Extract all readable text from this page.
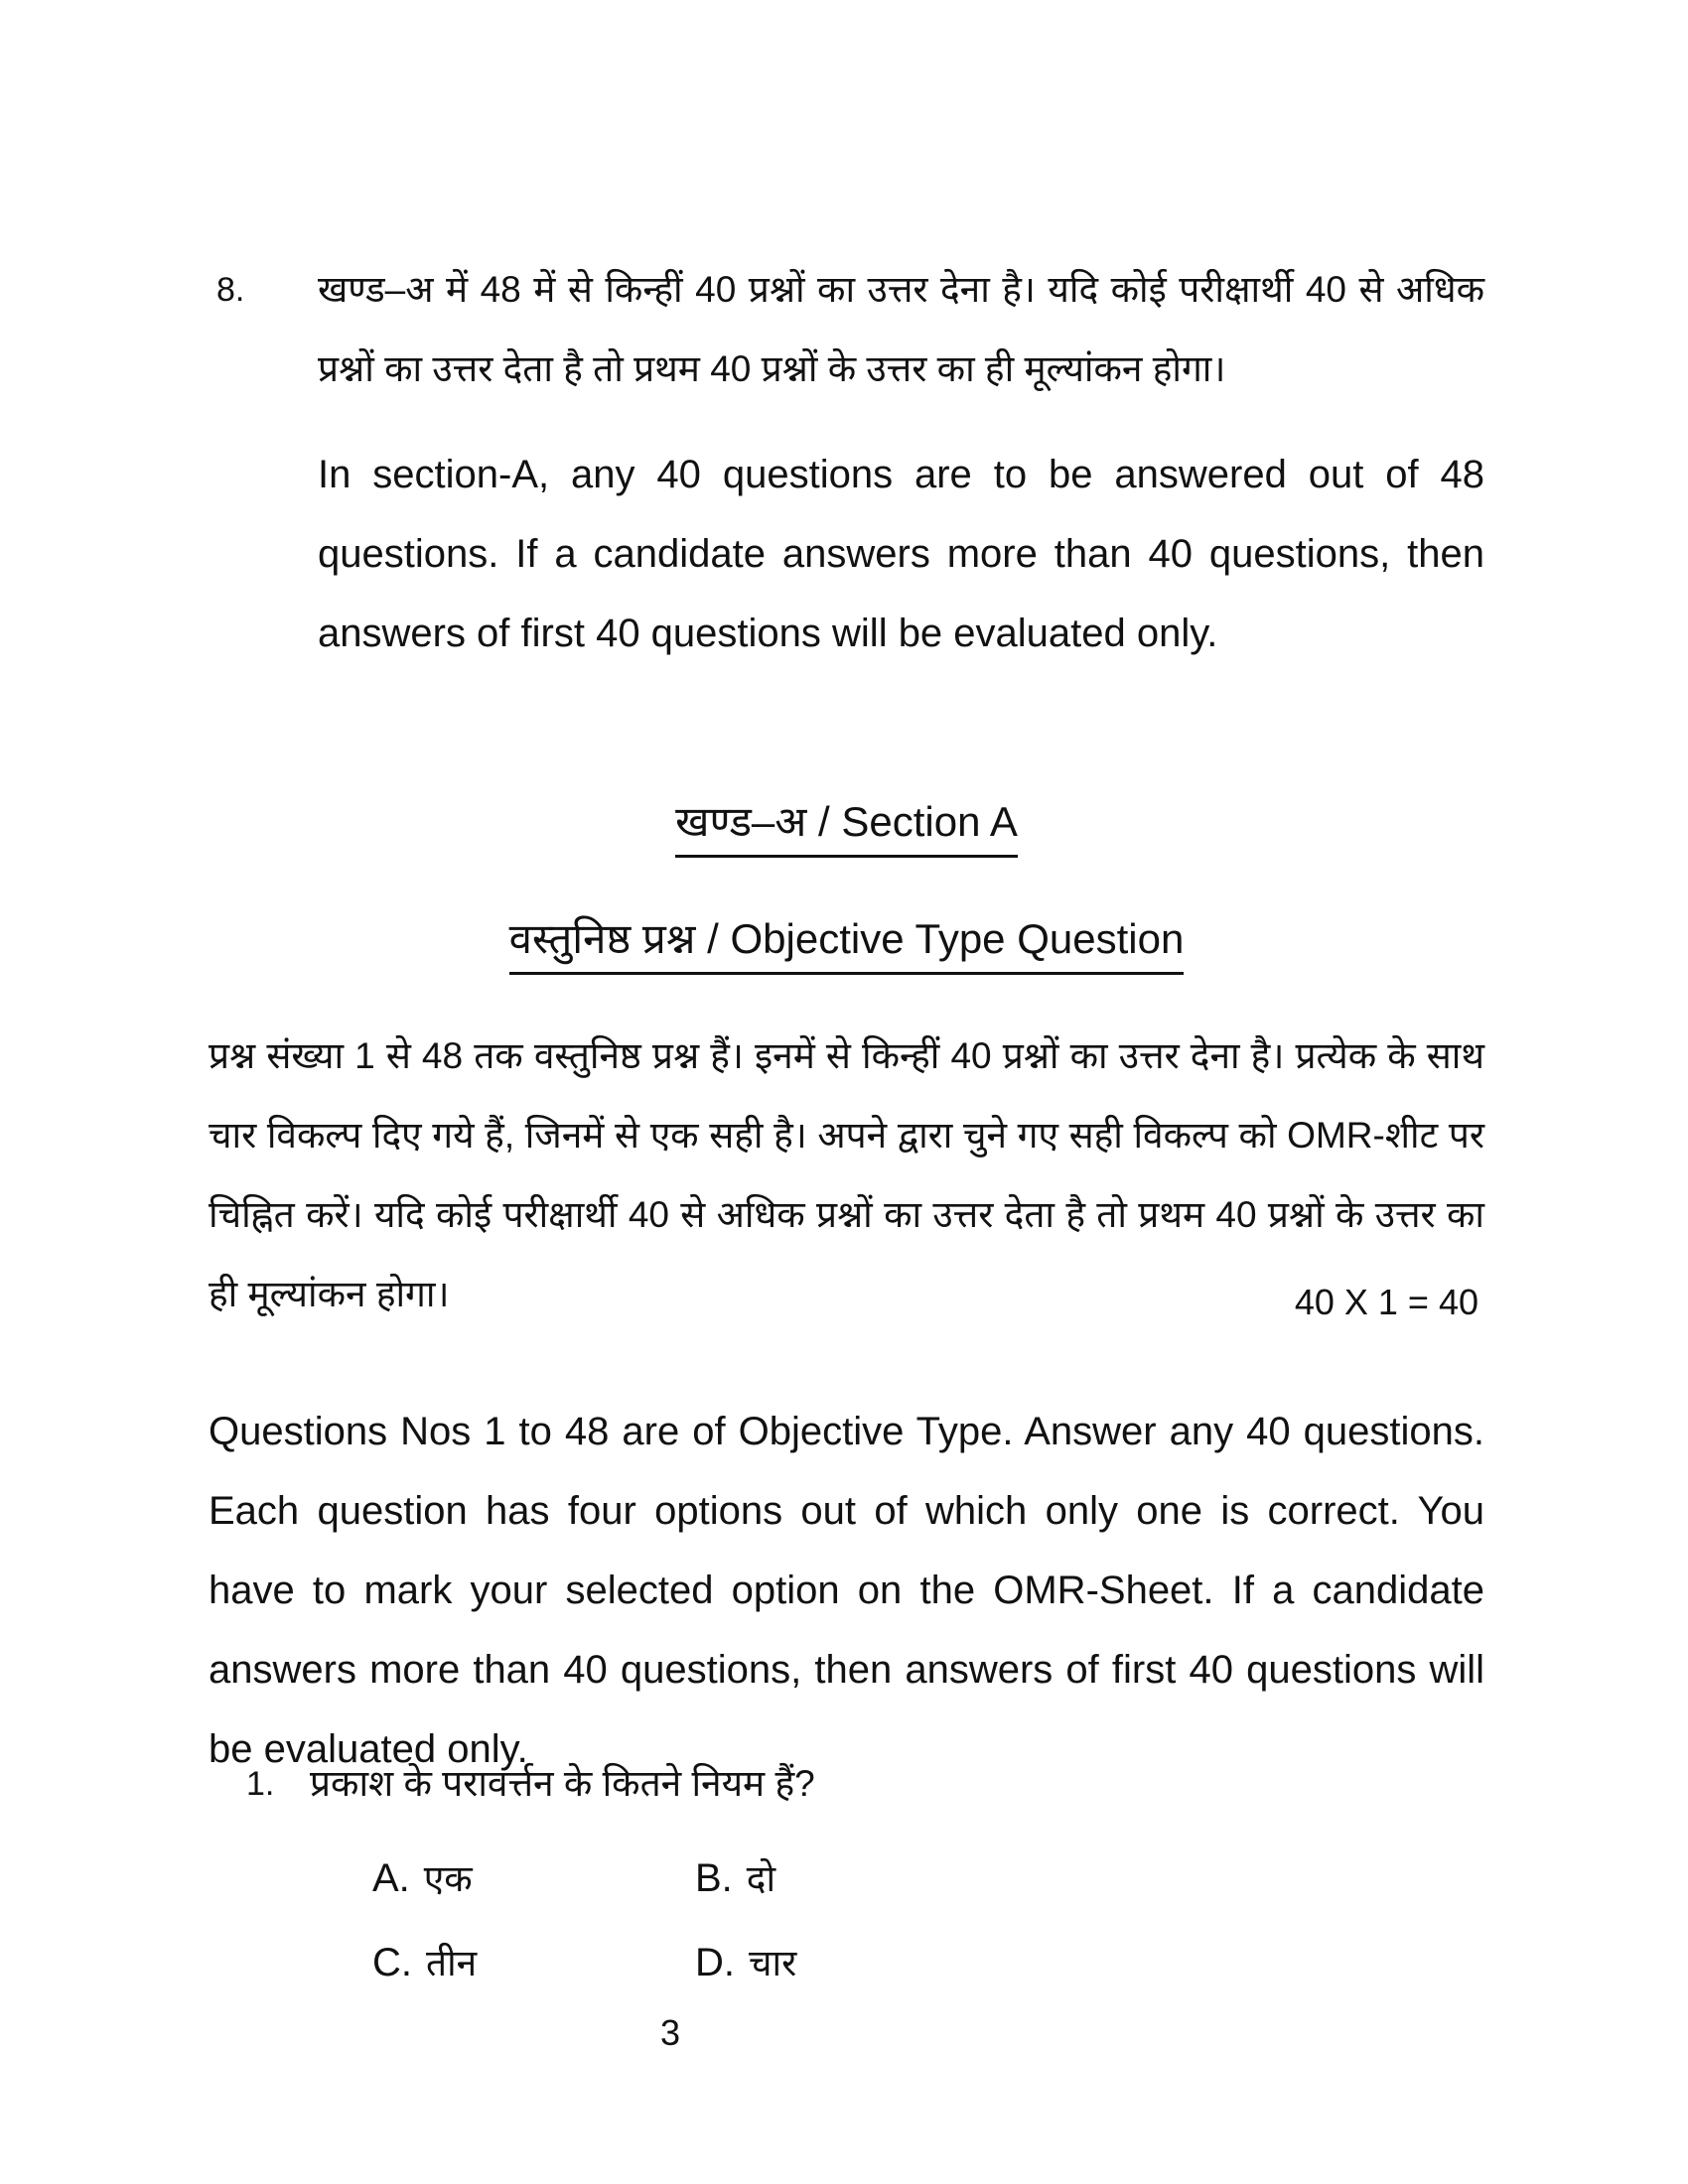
8.	खण्ड–अ में 48 में से किन्हीं 40 प्रश्नों का उत्तर देना है। यदि कोई परीक्षार्थी 40 से अधिक प्रश्नों का उत्तर देता है तो प्रथम 40 प्रश्नों के उत्तर का ही मूल्यांकन होगा।

In section-A, any 40 questions are to be answered out of 48 questions. If a candidate answers more than 40 questions, then answers of first 40 questions will be evaluated only.

खण्ड–अ / Section A
वस्तुनिष्ठ प्रश्न / Objective Type Question

प्रश्न संख्या 1 से 48 तक वस्तुनिष्ठ प्रश्न हैं। इनमें से किन्हीं 40 प्रश्नों का उत्तर देना है। प्रत्येक के साथ चार विकल्प दिए गये हैं, जिनमें से एक सही है। अपने द्वारा चुने गए सही विकल्प को OMR-शीट पर चिह्नित करें। यदि कोई परीक्षार्थी 40 से अधिक प्रश्नों का उत्तर देता है तो प्रथम 40 प्रश्नों के उत्तर का ही मूल्यांकन होगा।	40 X 1 = 40

Questions Nos 1 to 48 are of Objective Type. Answer any 40 questions. Each question has four options out of which only one is correct. You have to mark your selected option on the OMR-Sheet. If a candidate answers more than 40 questions, then answers of first 40 questions will be evaluated only.

1. प्रकाश के परावर्त्तन के कितने नियम हैं?
A. एक	B. दो
C. तीन	D. चार
3
